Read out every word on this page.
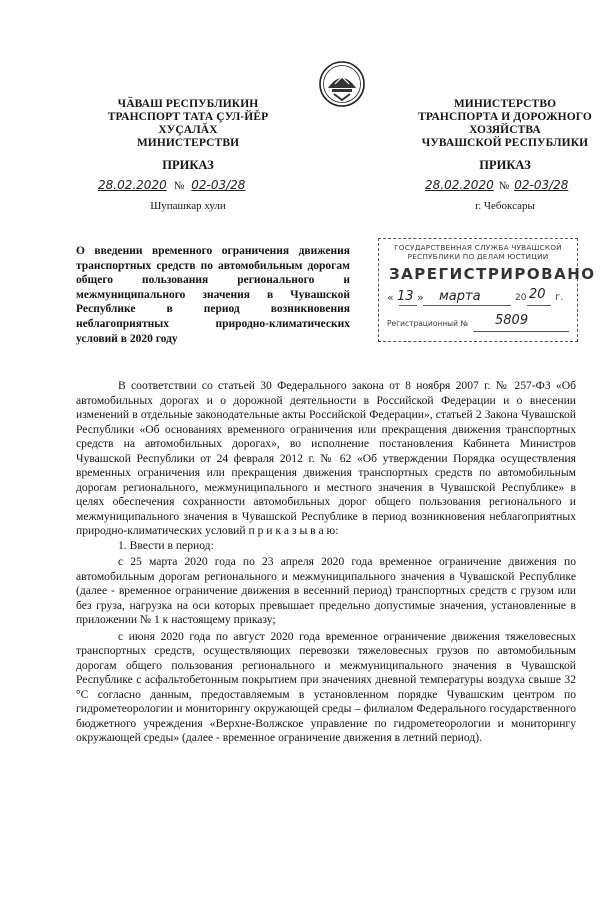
ЧӐВАШ РЕСПУБЛИКИН
ТРАНСПОРТ ТАТА ҪУЛ-ЙĔР
ХУҪАЛĂХ
МИНИСТЕРСТВИ
ПРИКАЗ
28.02.2020 № 02-03/28
Шупашкар хули
МИНИСТЕРСТВО
ТРАНСПОРТА И ДОРОЖНОГО
ХОЗЯЙСТВА
ЧУВАШСКОЙ РЕСПУБЛИКИ
ПРИКАЗ
28.02.2020 № 02-03/28
г. Чебоксары
О введении временного ограничения движения транспортных средств по автомобильным дорогам общего пользования регионального и межмуниципального значения в Чувашской Республике в период возникновения неблагоприятных природно-климатических условий в 2020 году
ГОСУДАРСТВЕННАЯ СЛУЖБА ЧУВАШСКОЙ
РЕСПУБЛИКИ ПО ДЕЛАМ ЮСТИЦИИ
ЗАРЕГИСТРИРОВАНО
« 13 » марта	20 20 г.
Регистрационный № 5809

В соответствии со статьей 30 Федерального закона от 8 ноября 2007 г. № 257-ФЗ «Об автомобильных дорогах и о дорожной деятельности в Российской Федерации и о внесении изменений в отдельные законодательные акты Российской Федерации», статьей 2 Закона Чувашской Республики «Об основаниях временного ограничения или прекращения движения транспортных средств на автомобильных дорогах», во исполнение постановления Кабинета Министров Чувашской Республики от 24 февраля 2012 г. № 62 «Об утверждении Порядка осуществления временных ограничения или прекращения движения транспортных средств по автомобильным дорогам регионального, межмуниципального и местного значения в Чувашской Республике» в целях обеспечения сохранности автомобильных дорог общего пользования регионального и межмуниципального значения в Чувашской Республике в период возникновения неблагоприятных природно-климатических условий п р и к а з ы в а ю:

1. Ввести в период:

с 25 марта 2020 года по 23 апреля 2020 года временное ограничение движения по автомобильным дорогам регионального и межмуниципального значения в Чувашской Республике (далее - временное ограничение движения в весенний период) транспортных средств с грузом или без груза, нагрузка на оси которых превышает предельно допустимые значения, установленные в приложении № 1 к настоящему приказу;

с июня 2020 года по август 2020 года временное ограничение движения тяжеловесных транспортных средств, осуществляющих перевозки тяжеловесных грузов по автомобильным дорогам общего пользования регионального и межмуниципального значения в Чувашской Республике с асфальтобетонным покрытием при значениях дневной температуры воздуха свыше 32 °С согласно данным, предоставляемым в установленном порядке Чувашским центром по гидрометеорологии и мониторингу окружающей среды – филиалом Федерального государственного бюджетного учреждения «Верхне-Волжское управление по гидрометеорологии и мониторингу окружающей среды» (далее - временное ограничение движения в летний период).
